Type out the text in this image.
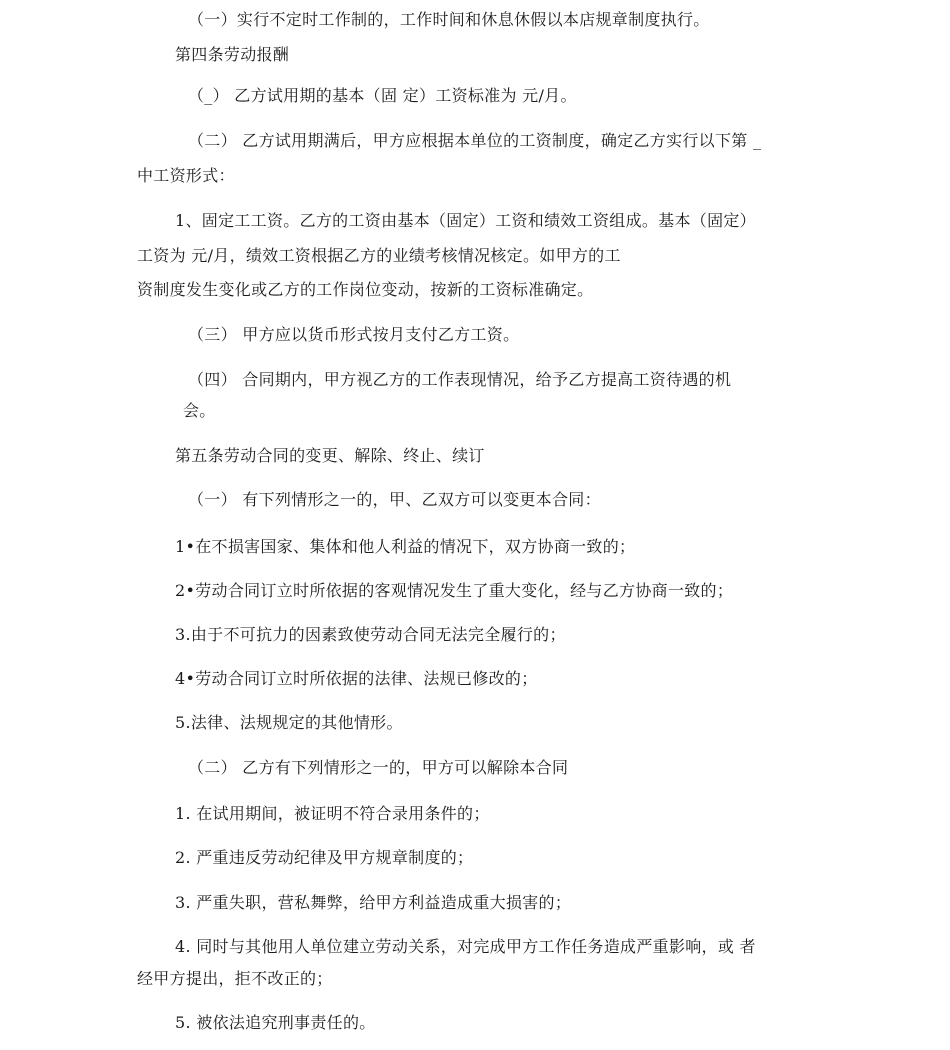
（一）实行不定时工作制的，工作时间和休息休假以本店规章制度执行。
第四条劳动报酬
（_） 乙方试用期的基本（固 定）工资标准为 元/月。
（二） 乙方试用期满后，甲方应根据本单位的工资制度，确定乙方实行以下第 _
中工资形式：
1、固定工工资。乙方的工资由基本（固定）工资和绩效工资组成。基本（固定）
工资为 元/月，绩效工资根据乙方的业绩考核情况核定。如甲方的工
资制度发生变化或乙方的工作岗位变动，按新的工资标准确定。
（三） 甲方应以货币形式按月支付乙方工资。
（四） 合同期内，甲方视乙方的工作表现情况，给予乙方提高工资待遇的机
会。
第五条劳动合同的变更、解除、终止、续订
（一） 有下列情形之一的，甲、乙双方可以变更本合同：
1•在不损害国家、集体和他人利益的情况下，双方协商一致的；
2•劳动合同订立时所依据的客观情况发生了重大变化，经与乙方协商一致的；
3.由于不可抗力的因素致使劳动合同无法完全履行的；
4•劳动合同订立时所依据的法律、法规已修改的；
5.法律、法规规定的其他情形。
（二） 乙方有下列情形之一的，甲方可以解除本合同
1. 在试用期间，被证明不符合录用条件的；
2. 严重违反劳动纪律及甲方规章制度的；
3. 严重失职，营私舞弊，给甲方利益造成重大损害的；
4. 同时与其他用人单位建立劳动关系，对完成甲方工作任务造成严重影响，或 者
经甲方提出，拒不改正的；
5. 被依法追究刑事责任的。
